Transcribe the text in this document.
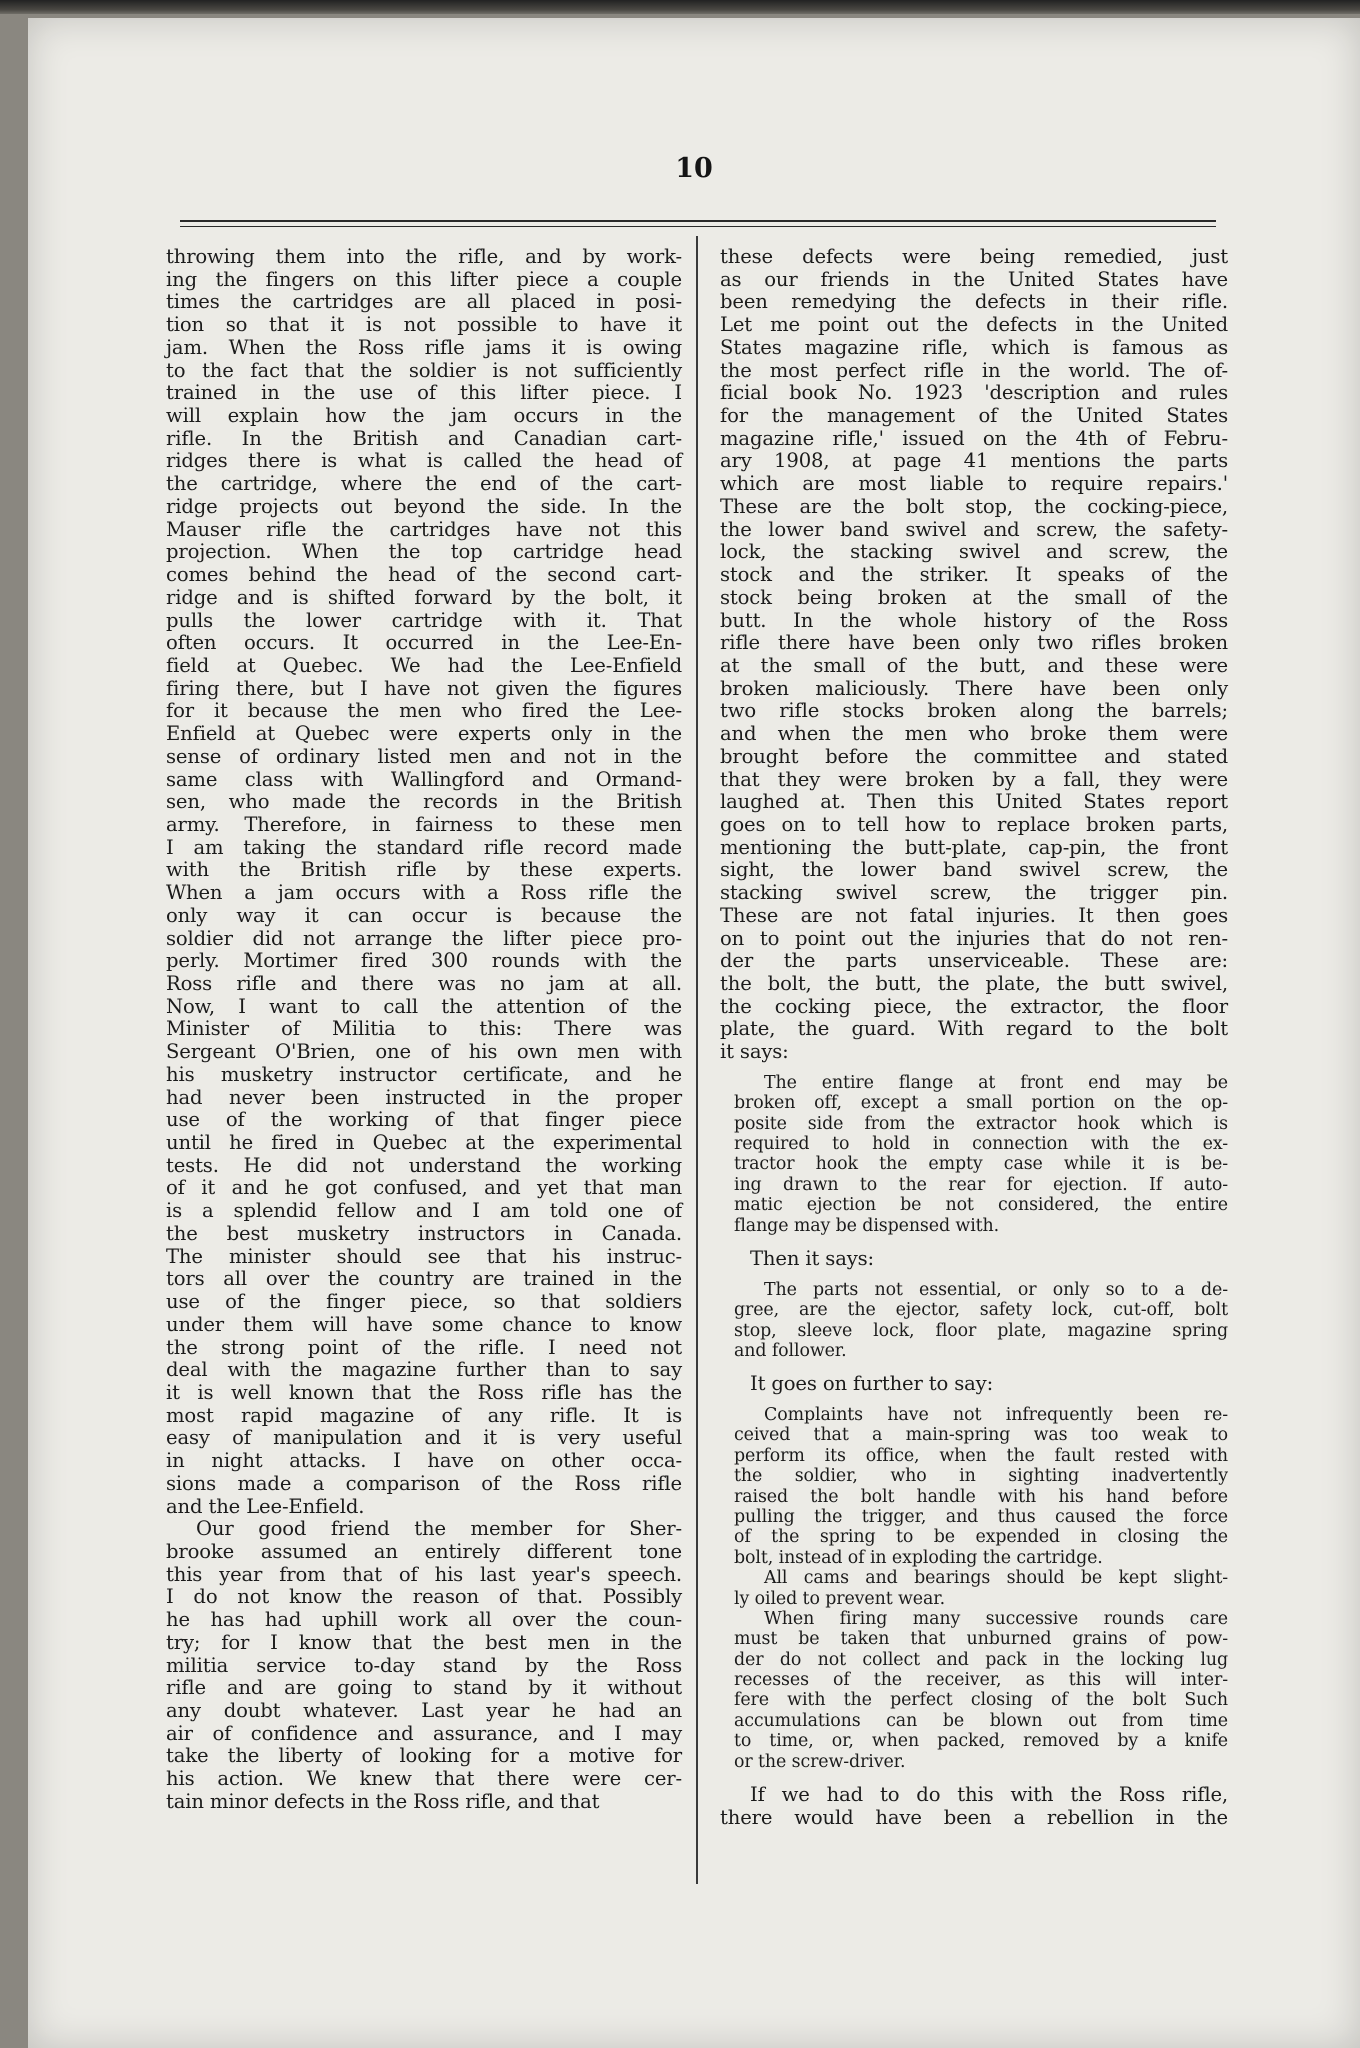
10
throwing them into the rifle, and by work-
ing the fingers on this lifter piece a couple
times the cartridges are all placed in posi-
tion so that it is not possible to have it
jam. When the Ross rifle jams it is owing
to the fact that the soldier is not sufficiently
trained in the use of this lifter piece. I
will explain how the jam occurs in the
rifle. In the British and Canadian cart-
ridges there is what is called the head of
the cartridge, where the end of the cart-
ridge projects out beyond the side. In the
Mauser rifle the cartridges have not this
projection. When the top cartridge head
comes behind the head of the second cart-
ridge and is shifted forward by the bolt, it
pulls the lower cartridge with it. That
often occurs. It occurred in the Lee-En-
field at Quebec. We had the Lee-Enfield
firing there, but I have not given the figures
for it because the men who fired the Lee-
Enfield at Quebec were experts only in the
sense of ordinary listed men and not in the
same class with Wallingford and Ormand-
sen, who made the records in the British
army. Therefore, in fairness to these men
I am taking the standard rifle record made
with the British rifle by these experts.
When a jam occurs with a Ross rifle the
only way it can occur is because the
soldier did not arrange the lifter piece pro-
perly. Mortimer fired 300 rounds with the
Ross rifle and there was no jam at all.
Now, I want to call the attention of the
Minister of Militia to this: There was
Sergeant O'Brien, one of his own men with
his musketry instructor certificate, and he
had never been instructed in the proper
use of the working of that finger piece
until he fired in Quebec at the experimental
tests. He did not understand the working
of it and he got confused, and yet that man
is a splendid fellow and I am told one of
the best musketry instructors in Canada.
The minister should see that his instruc-
tors all over the country are trained in the
use of the finger piece, so that soldiers
under them will have some chance to know
the strong point of the rifle. I need not
deal with the magazine further than to say
it is well known that the Ross rifle has the
most rapid magazine of any rifle. It is
easy of manipulation and it is very useful
in night attacks. I have on other occa-
sions made a comparison of the Ross rifle
and the Lee-Enfield.
Our good friend the member for Sher-
brooke assumed an entirely different tone
this year from that of his last year's speech.
I do not know the reason of that. Possibly
he has had uphill work all over the coun-
try; for I know that the best men in the
militia service to-day stand by the Ross
rifle and are going to stand by it without
any doubt whatever. Last year he had an
air of confidence and assurance, and I may
take the liberty of looking for a motive for
his action. We knew that there were cer-
tain minor defects in the Ross rifle, and that
these defects were being remedied, just
as our friends in the United States have
been remedying the defects in their rifle.
Let me point out the defects in the United
States magazine rifle, which is famous as
the most perfect rifle in the world. The of-
ficial book No. 1923 'description and rules
for the management of the United States
magazine rifle,' issued on the 4th of Febru-
ary 1908, at page 41 mentions the parts
which are most liable to require repairs.'
These are the bolt stop, the cocking-piece,
the lower band swivel and screw, the safety-
lock, the stacking swivel and screw, the
stock and the striker. It speaks of the
stock being broken at the small of the
butt. In the whole history of the Ross
rifle there have been only two rifles broken
at the small of the butt, and these were
broken maliciously. There have been only
two rifle stocks broken along the barrels;
and when the men who broke them were
brought before the committee and stated
that they were broken by a fall, they were
laughed at. Then this United States report
goes on to tell how to replace broken parts,
mentioning the butt-plate, cap-pin, the front
sight, the lower band swivel screw, the
stacking swivel screw, the trigger pin.
These are not fatal injuries. It then goes
on to point out the injuries that do not ren-
der the parts unserviceable. These are:
the bolt, the butt, the plate, the butt swivel,
the cocking piece, the extractor, the floor
plate, the guard. With regard to the bolt
it says:
The entire flange at front end may be
broken off, except a small portion on the op-
posite side from the extractor hook which is
required to hold in connection with the ex-
tractor hook the empty case while it is be-
ing drawn to the rear for ejection. If auto-
matic ejection be not considered, the entire
flange may be dispensed with.
Then it says:
The parts not essential, or only so to a de-
gree, are the ejector, safety lock, cut-off, bolt
stop, sleeve lock, floor plate, magazine spring
and follower.
It goes on further to say:
Complaints have not infrequently been re-
ceived that a main-spring was too weak to
perform its office, when the fault rested with
the soldier, who in sighting inadvertently
raised the bolt handle with his hand before
pulling the trigger, and thus caused the force
of the spring to be expended in closing the
bolt, instead of in exploding the cartridge.
All cams and bearings should be kept slight-
ly oiled to prevent wear.
When firing many successive rounds care
must be taken that unburned grains of pow-
der do not collect and pack in the locking lug
recesses of the receiver, as this will inter-
fere with the perfect closing of the bolt Such
accumulations can be blown out from time
to time, or, when packed, removed by a knife
or the screw-driver.
If we had to do this with the Ross rifle,
there would have been a rebellion in the
